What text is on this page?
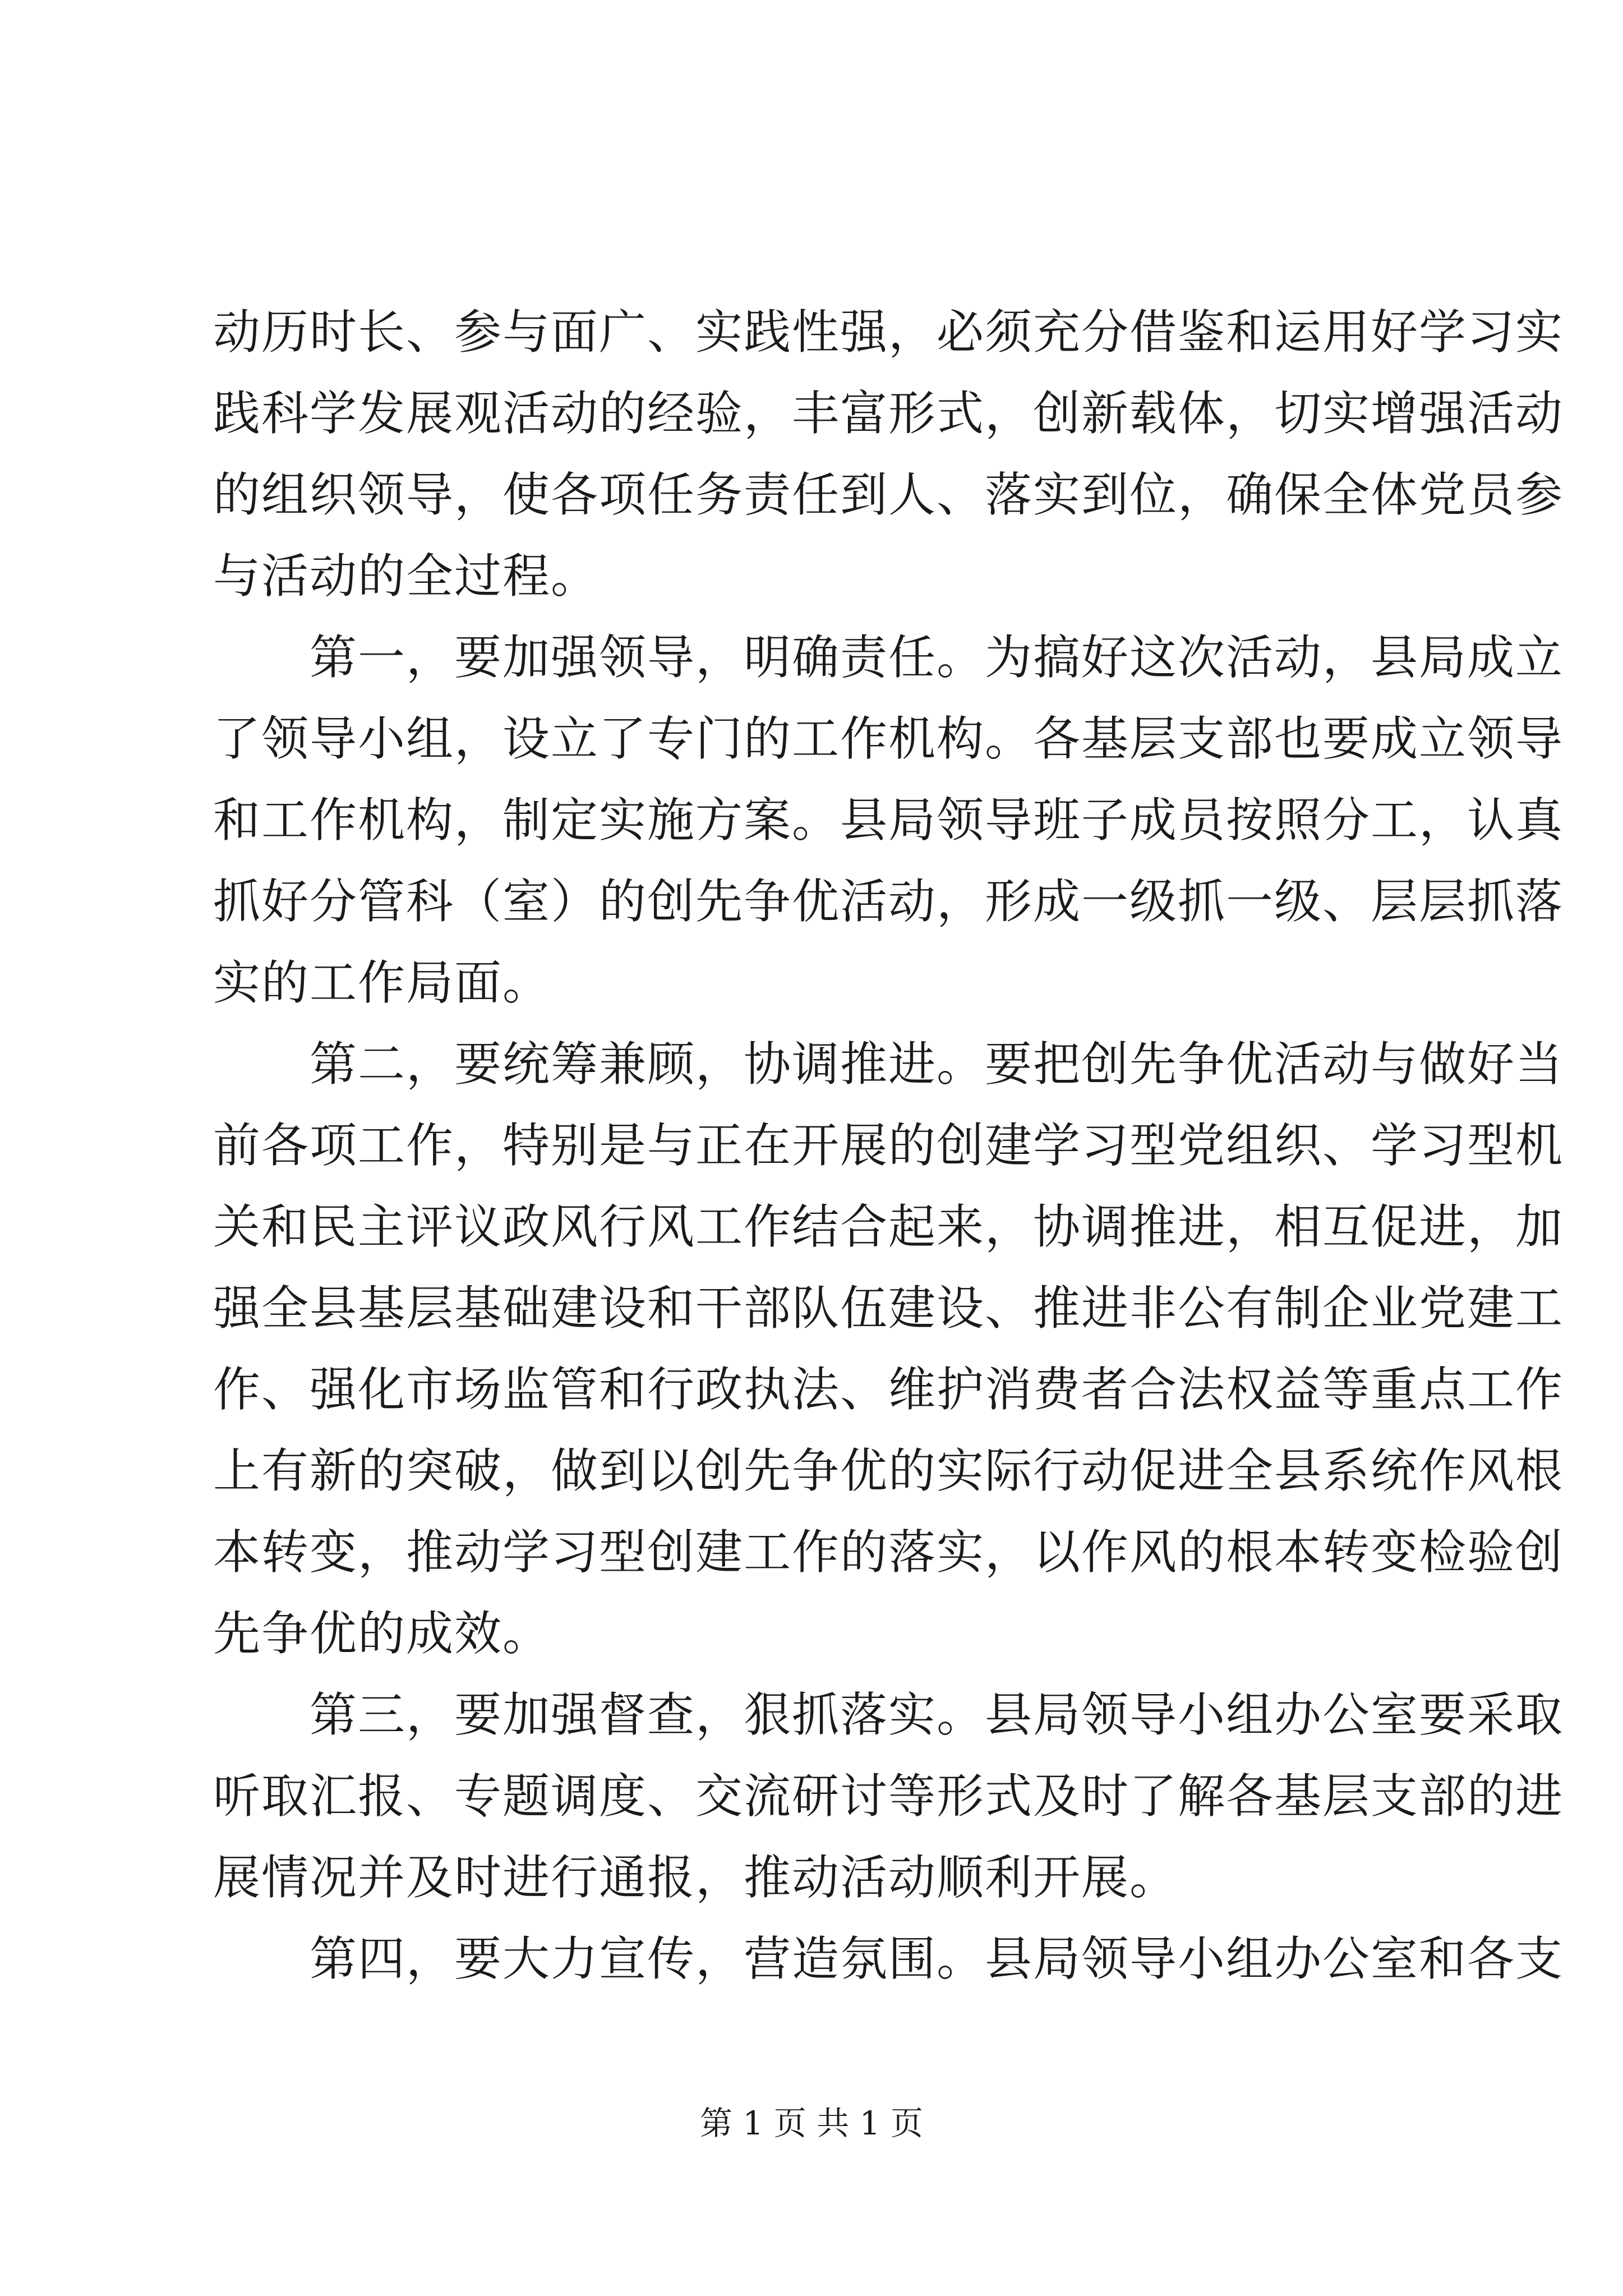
动历时长、参与面广、实践性强，必须充分借鉴和运用好学习实
践科学发展观活动的经验，丰富形式，创新载体，切实增强活动
的组织领导，使各项任务责任到人、落实到位，确保全体党员参
与活动的全过程。
　　第一，要加强领导，明确责任。为搞好这次活动，县局成立
了领导小组，设立了专门的工作机构。各基层支部也要成立领导
和工作机构，制定实施方案。县局领导班子成员按照分工，认真
抓好分管科（室）的创先争优活动，形成一级抓一级、层层抓落
实的工作局面。
　　第二，要统筹兼顾，协调推进。要把创先争优活动与做好当
前各项工作，特别是与正在开展的创建学习型党组织、学习型机
关和民主评议政风行风工作结合起来，协调推进，相互促进，加
强全县基层基础建设和干部队伍建设、推进非公有制企业党建工
作、强化市场监管和行政执法、维护消费者合法权益等重点工作
上有新的突破，做到以创先争优的实际行动促进全县系统作风根
本转变，推动学习型创建工作的落实，以作风的根本转变检验创
先争优的成效。
　　第三，要加强督查，狠抓落实。县局领导小组办公室要采取
听取汇报、专题调度、交流研讨等形式及时了解各基层支部的进
展情况并及时进行通报，推动活动顺利开展。
　　第四，要大力宣传，营造氛围。县局领导小组办公室和各支
第 1 页 共 1 页
